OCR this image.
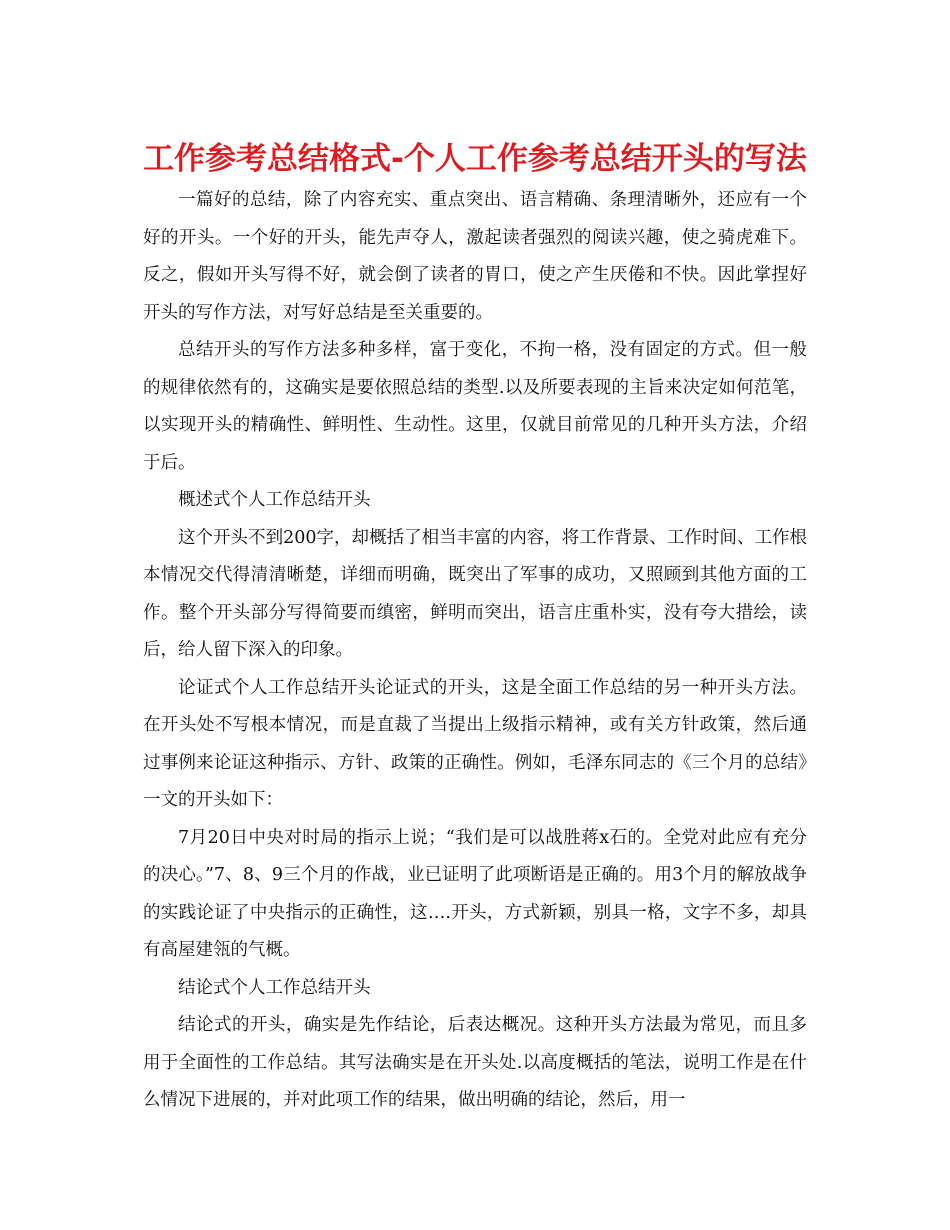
工作参考总结格式-个人工作参考总结开头的写法

一篇好的总结，除了内容充实、重点突出、语言精确、条理清晰外，还应有一个好的开头。一个好的开头，能先声夺人，激起读者强烈的阅读兴趣，使之骑虎难下。反之，假如开头写得不好，就会倒了读者的胃口，使之产生厌倦和不快。因此掌捏好开头的写作方法，对写好总结是至关重要的。

总结开头的写作方法多种多样，富于变化，不拘一格，没有固定的方式。但一般的规律依然有的，这确实是要依照总结的类型.以及所要表现的主旨来决定如何范笔，以实现开头的精确性、鲜明性、生动性。这里，仅就目前常见的几种开头方法，介绍于后。

概述式个人工作总结开头

这个开头不到200字，却概括了相当丰富的内容，将工作背景、工作时间、工作根本情况交代得清清晰楚，详细而明确，既突出了军事的成功，又照顾到其他方面的工作。整个开头部分写得简要而缜密，鲜明而突出，语言庄重朴实，没有夸大措绘，读后，给人留下深入的印象。

论证式个人工作总结开头论证式的开头，这是全面工作总结的另一种开头方法。在开头处不写根本情况，而是直裁了当提出上级指示精神，或有关方针政策，然后通过事例来论证这种指示、方针、政策的正确性。例如，毛泽东同志的《三个月的总结》一文的开头如下：

7月20日中央对时局的指示上说；“我们是可以战胜蒋x石的。全党对此应有充分的决心。”7、8、9三个月的作战，业已证明了此项断语是正确的。用3个月的解放战争的实践论证了中央指示的正确性，这….开头，方式新颖，别具一格，文字不多，却具有高屋建瓴的气概。

结论式个人工作总结开头

结论式的开头，确实是先作结论，后表达概况。这种开头方法最为常见，而且多用于全面性的工作总结。其写法确实是在开头处.以高度概括的笔法，说明工作是在什么情况下进展的，并对此项工作的结果，做出明确的结论，然后，用一
